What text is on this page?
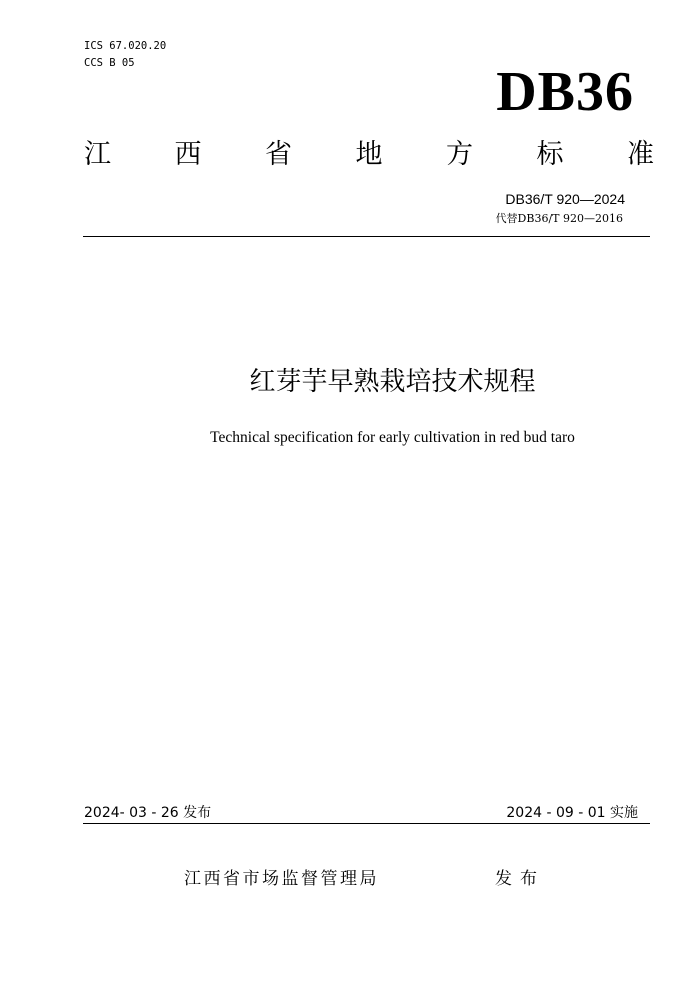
ICS 67.020.20
CCS B 05	DB36
江 西 省 地 方 标 准
DB36/T 920—2024
代替DB36/T 920—2016
红芽芋早熟栽培技术规程
Technical specification for early cultivation in red bud taro
2024- 03 - 26 发布	2024 - 09 - 01 实施
江西省市场监督管理局	发布
